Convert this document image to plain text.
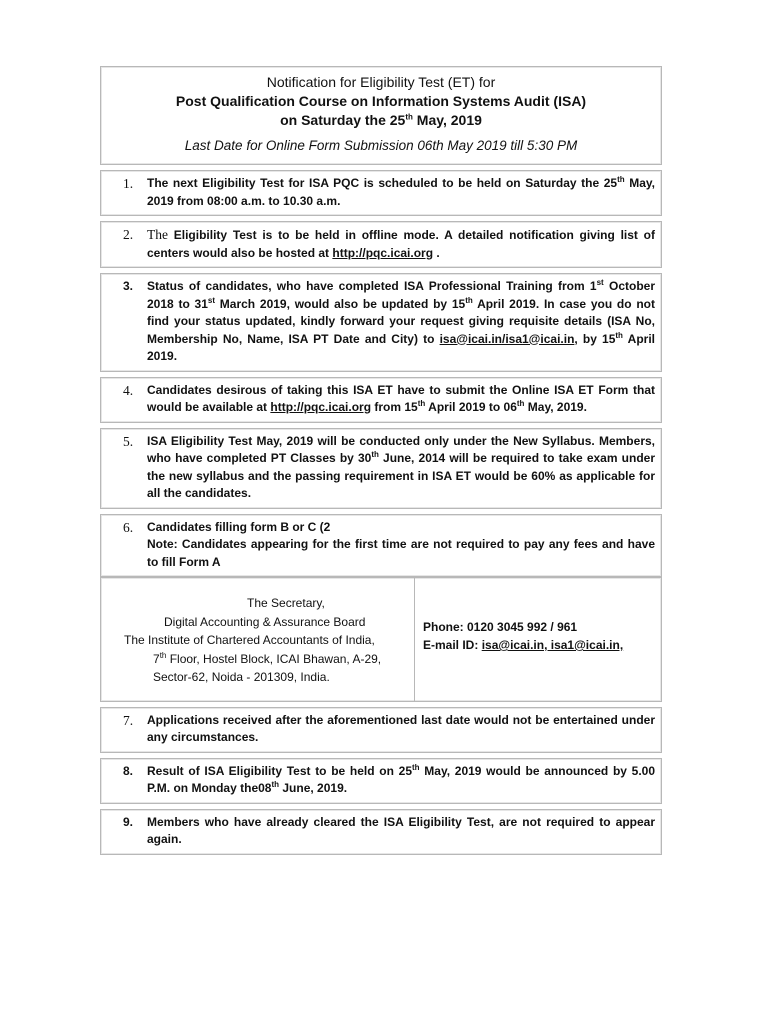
Notification for Eligibility Test (ET) for
Post Qualification Course on Information Systems Audit (ISA)
on Saturday the 25th May, 2019
Last Date for Online Form Submission 06th May 2019 till 5:30 PM
1.	The next Eligibility Test for ISA PQC is scheduled to be held on Saturday the 25th May, 2019 from 08:00 a.m. to 10.30 a.m.
2.	The Eligibility Test is to be held in offline mode. A detailed notification giving list of centers would also be hosted at http://pqc.icai.org .
3.	Status of candidates, who have completed ISA Professional Training from 1st October 2018 to 31st March 2019, would also be updated by 15th April 2019. In case you do not find your status updated, kindly forward your request giving requisite details (ISA No, Membership No, Name, ISA PT Date and City) to isa@icai.in/isa1@icai.in, by 15th April 2019.
4.	Candidates desirous of taking this ISA ET have to submit the Online ISA ET Form that would be available at http://pqc.icai.org from 15th April 2019 to 06th May, 2019.
5.	ISA Eligibility Test May, 2019 will be conducted only under the New Syllabus. Members, who have completed PT Classes by 30th June, 2014 will be required to take exam under the new syllabus and the passing requirement in ISA ET would be 60% as applicable for all the candidates.
6.	Candidates filling form B or C (2
Note: Candidates appearing for the first time are not required to pay any fees and have to fill Form A
The Secretary,
Digital Accounting & Assurance Board
The Institute of Chartered Accountants of India,
7th Floor, Hostel Block, ICAI Bhawan, A-29,
Sector-62, Noida - 201309, India.
Phone: 0120 3045 992 / 961
E-mail ID: isa@icai.in, isa1@icai.in,
7.	Applications received after the aforementioned last date would not be entertained under any circumstances.
8.	Result of ISA Eligibility Test to be held on 25th May, 2019 would be announced by 5.00 P.M. on Monday the08th June, 2019.
9.	Members who have already cleared the ISA Eligibility Test, are not required to appear again.
